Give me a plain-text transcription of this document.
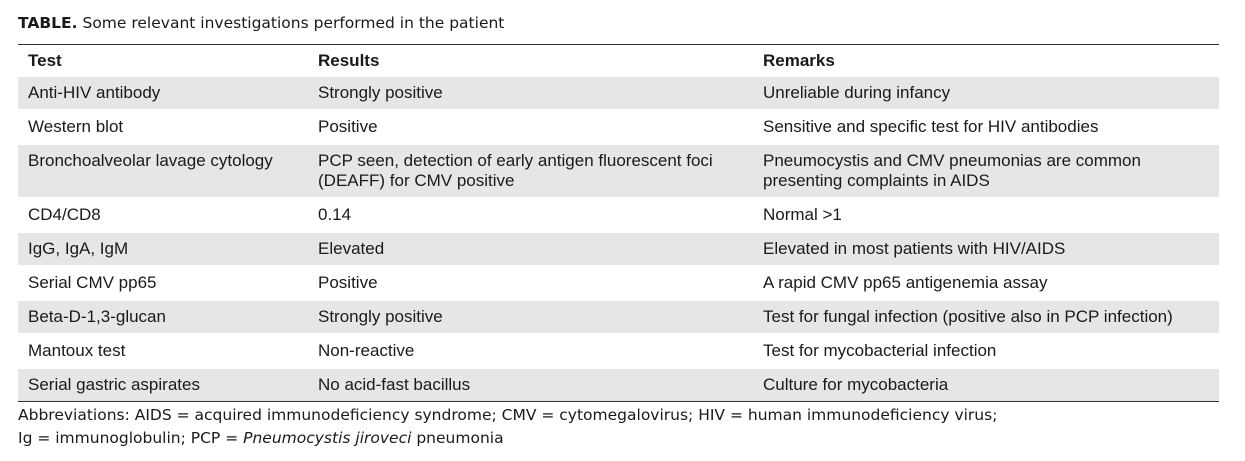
TABLE. Some relevant investigations performed in the patient
Test	Results	Remarks
Anti-HIV antibody	Strongly positive	Unreliable during infancy
Western blot	Positive	Sensitive and specific test for HIV antibodies
Bronchoalveolar lavage cytology	PCP seen, detection of early antigen fluorescent foci (DEAFF) for CMV positive	Pneumocystis and CMV pneumonias are common presenting complaints in AIDS
CD4/CD8	0.14	Normal >1
IgG, IgA, IgM	Elevated	Elevated in most patients with HIV/AIDS
Serial CMV pp65	Positive	A rapid CMV pp65 antigenemia assay
Beta-D-1,3-glucan	Strongly positive	Test for fungal infection (positive also in PCP infection)
Mantoux test	Non-reactive	Test for mycobacterial infection
Serial gastric aspirates	No acid-fast bacillus	Culture for mycobacteria
Abbreviations: AIDS = acquired immunodeficiency syndrome; CMV = cytomegalovirus; HIV = human immunodeficiency virus;
Ig = immunoglobulin; PCP = Pneumocystis jiroveci pneumonia
